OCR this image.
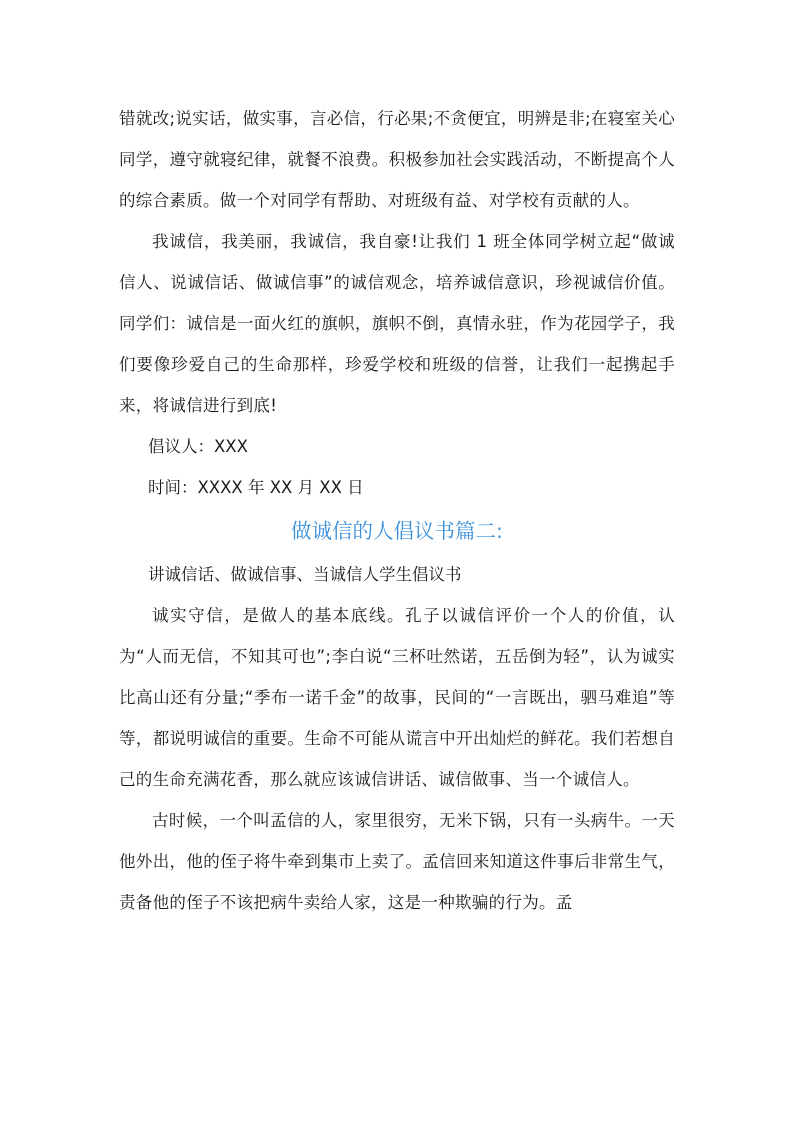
错就改;说实话，做实事，言必信，行必果;不贪便宜，明辨是非;在寝室关心同学，遵守就寝纪律，就餐不浪费。积极参加社会实践活动，不断提高个人的综合素质。做一个对同学有帮助、对班级有益、对学校有贡献的人。

我诚信，我美丽，我诚信，我自豪!让我们 1 班全体同学树立起“做诚信人、说诚信话、做诚信事”的诚信观念，培养诚信意识，珍视诚信价值。同学们：诚信是一面火红的旗帜，旗帜不倒，真情永驻，作为花园学子，我们要像珍爱自己的生命那样，珍爱学校和班级的信誉，让我们一起携起手来，将诚信进行到底!

倡议人：XXX

时间：XXXX 年 XX 月 XX 日

做诚信的人倡议书篇二:

讲诚信话、做诚信事、当诚信人学生倡议书

诚实守信，是做人的基本底线。孔子以诚信评价一个人的价值，认为“人而无信，不知其可也”;李白说“三杯吐然诺，五岳倒为轻”，认为诚实比高山还有分量;“季布一诺千金”的故事，民间的“一言既出，驷马难追”等等，都说明诚信的重要。生命不可能从谎言中开出灿烂的鲜花。我们若想自己的生命充满花香，那么就应该诚信讲话、诚信做事、当一个诚信人。

古时候，一个叫孟信的人，家里很穷，无米下锅，只有一头病牛。一天他外出，他的侄子将牛牵到集市上卖了。孟信回来知道这件事后非常生气，责备他的侄子不该把病牛卖给人家，这是一种欺骗的行为。孟
